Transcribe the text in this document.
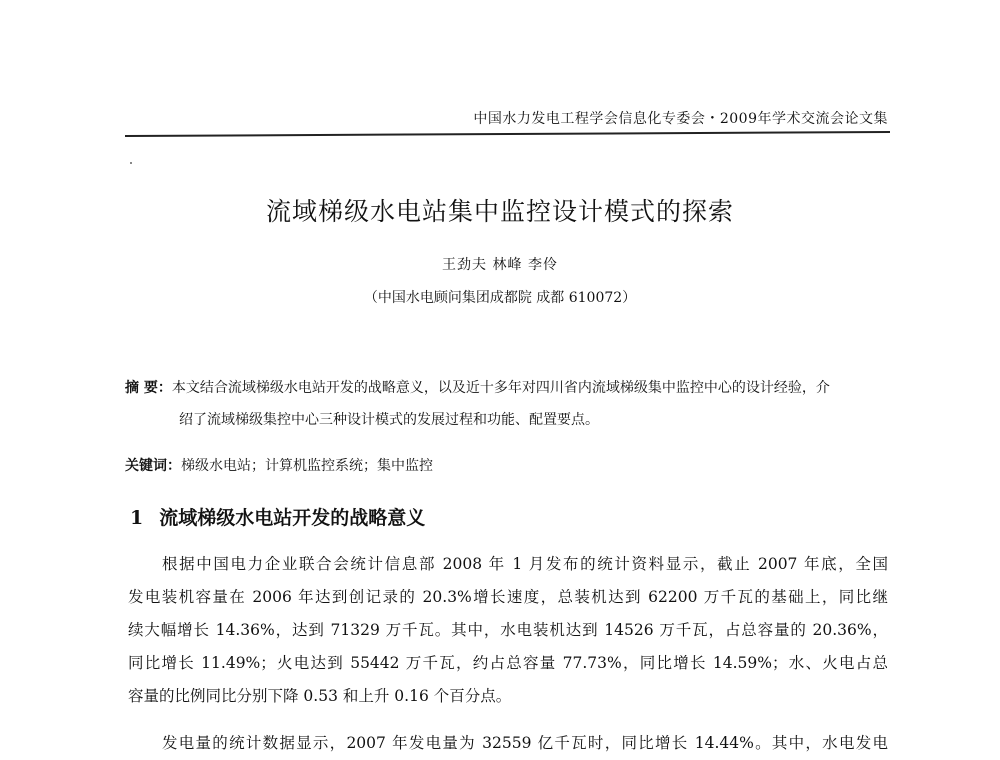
中国水力发电工程学会信息化专委会・2009年学术交流会论文集
流域梯级水电站集中监控设计模式的探索
王劲夫 林峰 李伶
（中国水电顾问集团成都院 成都 610072）
摘 要：本文结合流域梯级水电站开发的战略意义，以及近十多年对四川省内流域梯级集中监控中心的设计经验，介
绍了流域梯级集控中心三种设计模式的发展过程和功能、配置要点。
关键词：梯级水电站；计算机监控系统；集中监控
1 流域梯级水电站开发的战略意义

根据中国电力企业联合会统计信息部 2008 年 1 月发布的统计资料显示，截止 2007 年底，全国
发电装机容量在 2006 年达到创记录的 20.3%增长速度，总装机达到 62200 万千瓦的基础上，同比继
续大幅增长 14.36%，达到 71329 万千瓦。其中，水电装机达到 14526 万千瓦，占总容量的 20.36%，
同比增长 11.49%；火电达到 55442 万千瓦，约占总容量 77.73%，同比增长 14.59%；水、火电占总
容量的比例同比分别下降 0.53 和上升 0.16 个百分点。

发电量的统计数据显示，2007 年发电量为 32559 亿千瓦时，同比增长 14.44%。其中，水电发电
